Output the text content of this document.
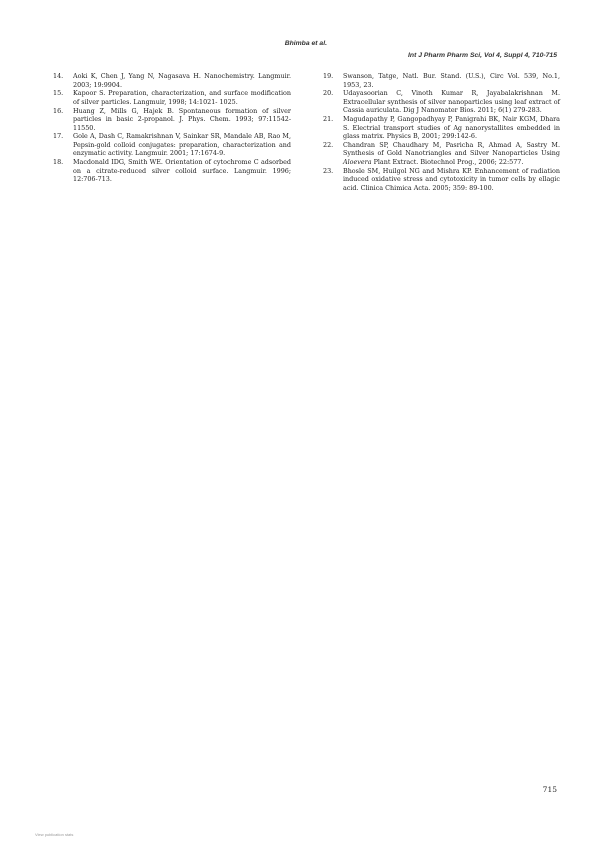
Bhimba et al.
Int J Pharm Pharm Sci, Vol 4, Suppl 4, 710-715
14.	Aoki K, Chen J, Yang N, Nagasava H. Nanochemistry. Langmuir. 2003; 19:9904.
15.	Kapoor S. Preparation, characterization, and surface modification of silver particles. Langmuir, 1998; 14:1021- 1025.
16.	Huang Z, Mills G, Hajek B. Spontaneous formation of silver particles in basic 2-propanol. J. Phys. Chem. 1993; 97:11542-11550.
17.	Gole A, Dash C, Ramakrishnan V, Sainkar SR, Mandale AB, Rao M, Pepsin-gold colloid conjugates: preparation, characterization and enzymatic activity. Langmuir. 2001; 17:1674-9.
18.	Macdonald IDG, Smith WE. Orientation of cytochrome C adsorbed on a citrate-reduced silver colloid surface. Langmuir. 1996; 12:706-713.
19.	Swanson, Tatge, Natl. Bur. Stand. (U.S.), Circ Vol. 539, No.1, 1953, 23.
20.	Udayasoorian C, Vinoth Kumar R, Jayabalakrishnan M. Extracellular synthesis of silver nanoparticles using leaf extract of Cassia auriculata. Dig J Nanomater Bios. 2011; 6(1) 279-283.
21.	Magudapathy P, Gangopadhyay P, Panigrahi BK, Nair KGM, Dhara S. Electrial transport studies of Ag nanorystallites embedded in glass matrix. Physics B, 2001; 299:142-6.
22.	Chandran SP, Chaudhary M, Pasricha R, Ahmad A, Sastry M. Synthesis of Gold Nanotriangles and Silver Nanoparticles Using Aloevera Plant Extract. Biotechnol Prog., 2006; 22:577.
23.	Bhosle SM, Huilgol NG and Mishra KP. Enhancement of radiation induced oxidative stress and cytotoxicity in tumor cells by ellagic acid. Clinica Chimica Acta. 2005; 359: 89-100.
715
View publication stats
